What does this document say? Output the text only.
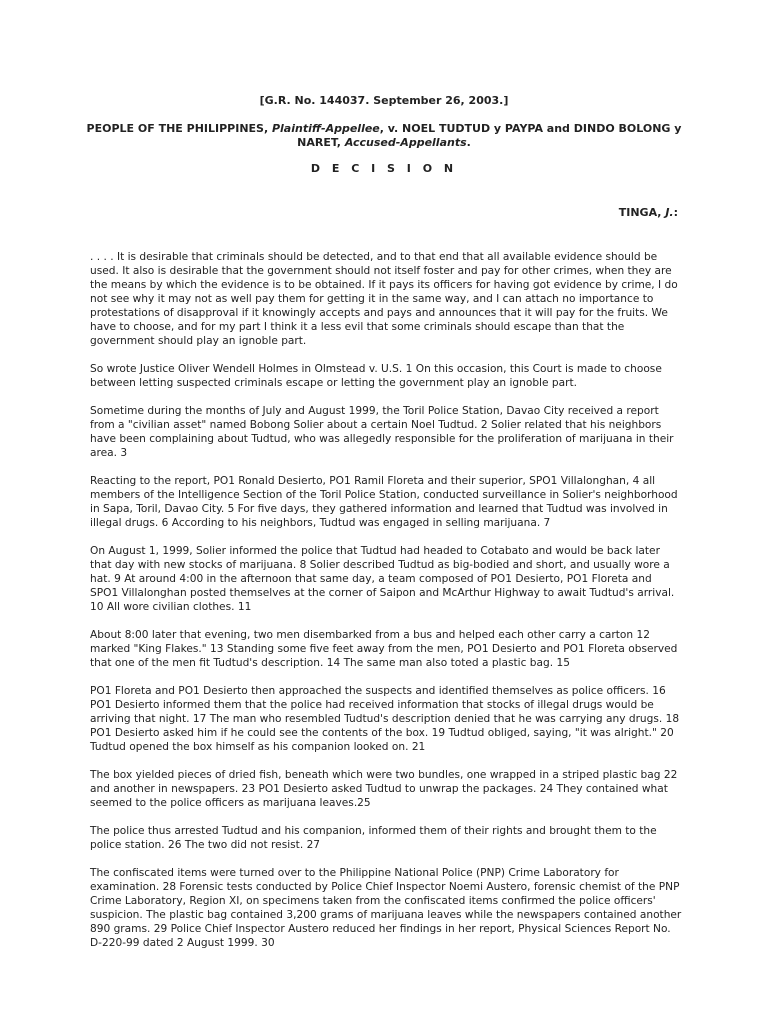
[G.R. No. 144037. September 26, 2003.]
PEOPLE OF THE PHILIPPINES, Plaintiff-Appellee, v. NOEL TUDTUD y PAYPA and DINDO BOLONG y NARET, Accused-Appellants.
D E C I S I O N
TINGA, J.:

. . . . It is desirable that criminals should be detected, and to that end that all available evidence should be used. It also is desirable that the government should not itself foster and pay for other crimes, when they are the means by which the evidence is to be obtained. If it pays its officers for having got evidence by crime, I do not see why it may not as well pay them for getting it in the same way, and I can attach no importance to protestations of disapproval if it knowingly accepts and pays and announces that it will pay for the fruits. We have to choose, and for my part I think it a less evil that some criminals should escape than that the government should play an ignoble part.

So wrote Justice Oliver Wendell Holmes in Olmstead v. U.S. 1 On this occasion, this Court is made to choose between letting suspected criminals escape or letting the government play an ignoble part.

Sometime during the months of July and August 1999, the Toril Police Station, Davao City received a report from a "civilian asset" named Bobong Solier about a certain Noel Tudtud. 2 Solier related that his neighbors have been complaining about Tudtud, who was allegedly responsible for the proliferation of marijuana in their area. 3

Reacting to the report, PO1 Ronald Desierto, PO1 Ramil Floreta and their superior, SPO1 Villalonghan, 4 all members of the Intelligence Section of the Toril Police Station, conducted surveillance in Solier's neighborhood in Sapa, Toril, Davao City. 5 For five days, they gathered information and learned that Tudtud was involved in illegal drugs. 6 According to his neighbors, Tudtud was engaged in selling marijuana. 7

On August 1, 1999, Solier informed the police that Tudtud had headed to Cotabato and would be back later that day with new stocks of marijuana. 8 Solier described Tudtud as big-bodied and short, and usually wore a hat. 9 At around 4:00 in the afternoon that same day, a team composed of PO1 Desierto, PO1 Floreta and SPO1 Villalonghan posted themselves at the corner of Saipon and McArthur Highway to await Tudtud's arrival. 10 All wore civilian clothes. 11

About 8:00 later that evening, two men disembarked from a bus and helped each other carry a carton 12 marked "King Flakes." 13 Standing some five feet away from the men, PO1 Desierto and PO1 Floreta observed that one of the men fit Tudtud's description. 14 The same man also toted a plastic bag. 15

PO1 Floreta and PO1 Desierto then approached the suspects and identified themselves as police officers. 16 PO1 Desierto informed them that the police had received information that stocks of illegal drugs would be arriving that night. 17 The man who resembled Tudtud's description denied that he was carrying any drugs. 18 PO1 Desierto asked him if he could see the contents of the box. 19 Tudtud obliged, saying, "it was alright." 20 Tudtud opened the box himself as his companion looked on. 21

The box yielded pieces of dried fish, beneath which were two bundles, one wrapped in a striped plastic bag 22 and another in newspapers. 23 PO1 Desierto asked Tudtud to unwrap the packages. 24 They contained what seemed to the police officers as marijuana leaves.25

The police thus arrested Tudtud and his companion, informed them of their rights and brought them to the police station. 26 The two did not resist. 27

The confiscated items were turned over to the Philippine National Police (PNP) Crime Laboratory for examination. 28 Forensic tests conducted by Police Chief Inspector Noemi Austero, forensic chemist of the PNP Crime Laboratory, Region XI, on specimens taken from the confiscated items confirmed the police officers' suspicion. The plastic bag contained 3,200 grams of marijuana leaves while the newspapers contained another 890 grams. 29 Police Chief Inspector Austero reduced her findings in her report, Physical Sciences Report No. D-220-99 dated 2 August 1999. 30
